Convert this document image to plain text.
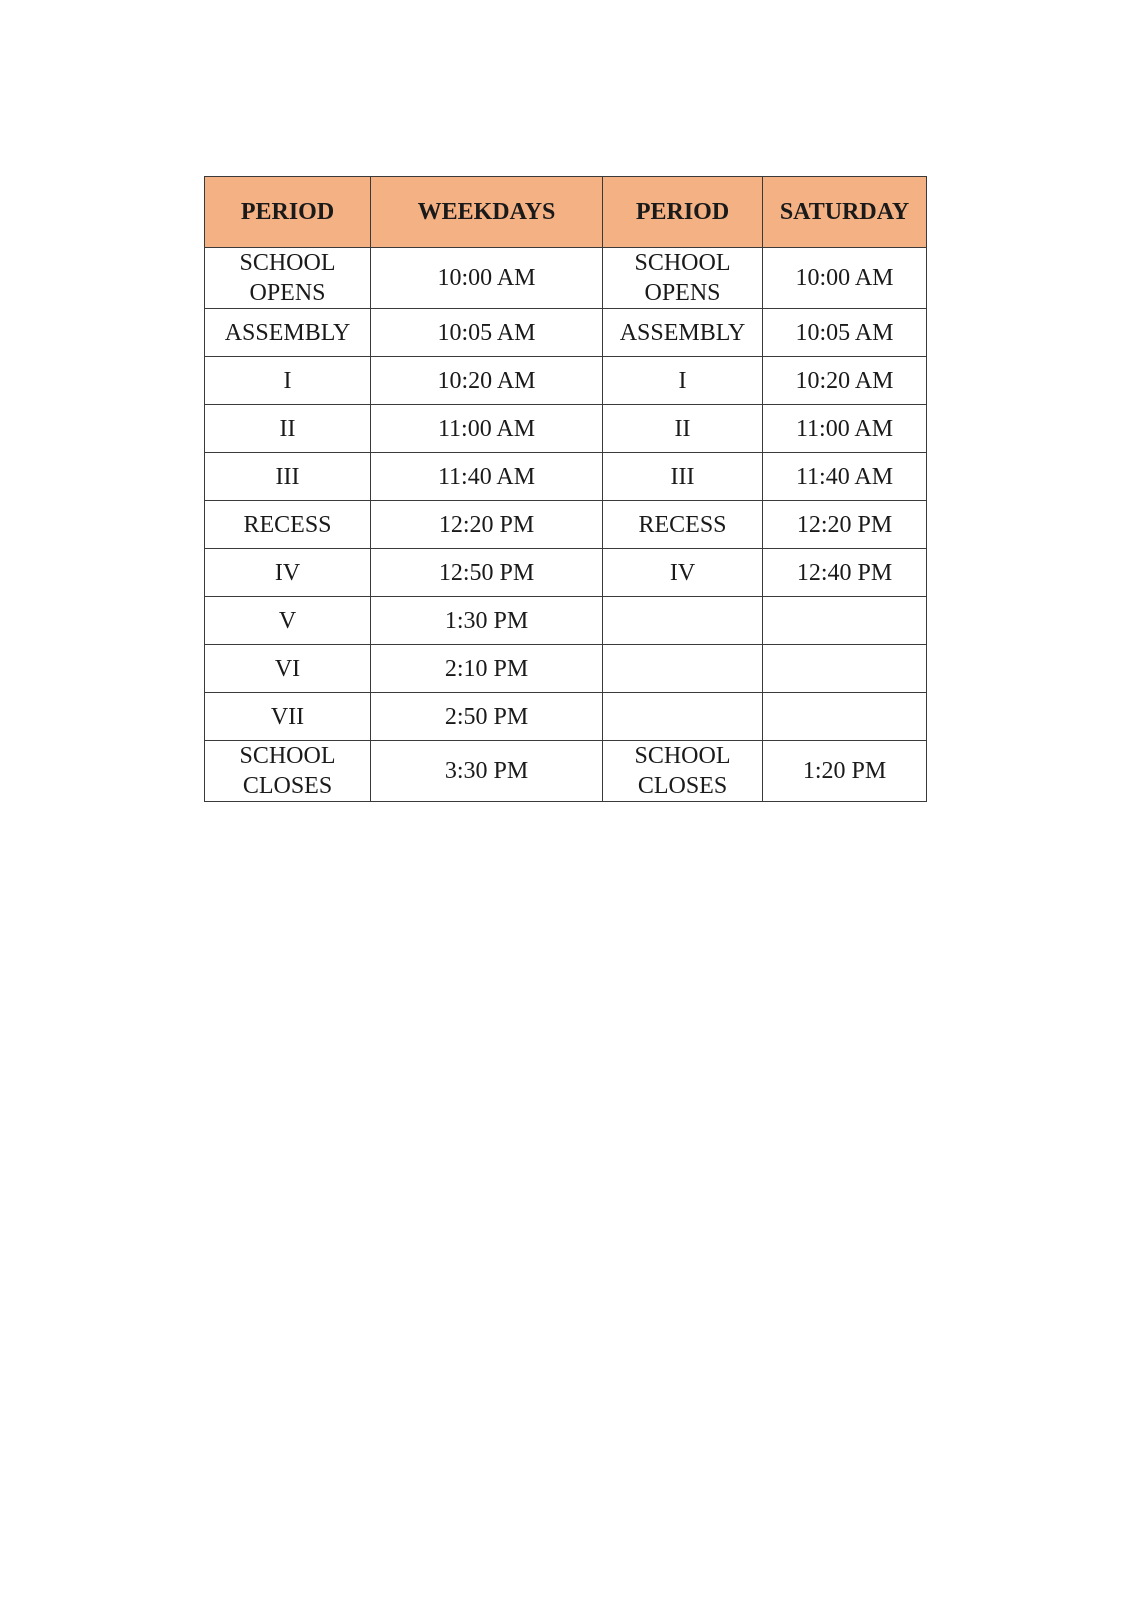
PERIOD	WEEKDAYS	PERIOD	SATURDAY
SCHOOL OPENS	10:00 AM	SCHOOL OPENS	10:00 AM
ASSEMBLY	10:05 AM	ASSEMBLY	10:05 AM
I	10:20 AM	I	10:20 AM
II	11:00 AM	II	11:00 AM
III	11:40 AM	III	11:40 AM
RECESS	12:20 PM	RECESS	12:20 PM
IV	12:50 PM	IV	12:40 PM
V	1:30 PM		
VI	2:10 PM		
VII	2:50 PM		
SCHOOL CLOSES	3:30 PM	SCHOOL CLOSES	1:20 PM
